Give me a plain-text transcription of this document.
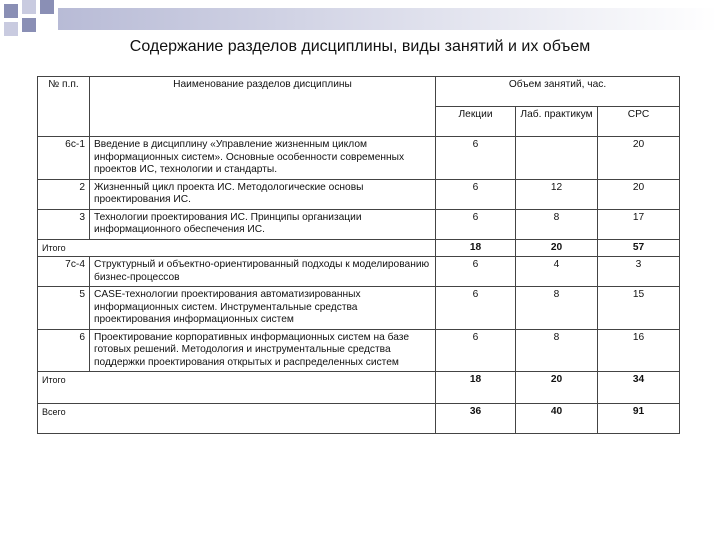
Содержание разделов дисциплины, виды занятий и их объем
№ п.п.	Наименование разделов дисциплины	Объем занятий, час.		
		Лекции	Лаб. практикум	СРС
6с-1	Введение в дисциплину «Управление жизненным циклом информационных систем». Основные особенности современных проектов ИС, технологии и стандарты.	6		20
2	Жизненный цикл проекта ИС. Методологические основы проектирования ИС.	6	12	20
3	Технологии проектирования ИС. Принципы организации информационного обеспечения ИС.	6	8	17
Итого		18	20	57
7с-4	Структурный и объектно-ориентированный подходы к моделированию бизнес-процессов	6	4	3
5	CASE-технологии проектирования автоматизированных информационных систем. Инструментальные средства проектирования информационных систем	6	8	15
6	Проектирование корпоративных информационных систем на базе готовых решений. Методология и инструментальные средства поддержки проектирования открытых и распределенных систем	6	8	16
Итого		18	20	34
Всего		36	40	91
